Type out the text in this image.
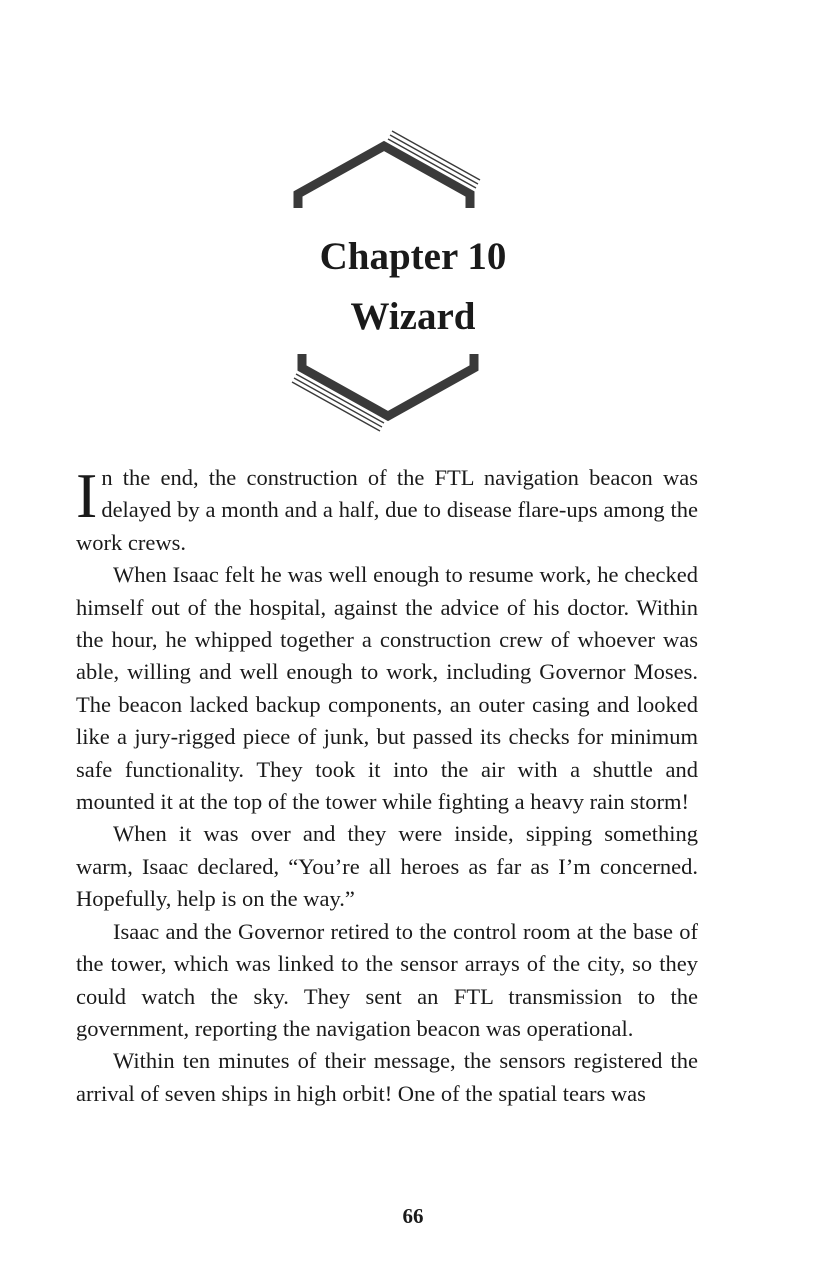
Chapter 10
Wizard

In the end, the construction of the FTL navigation beacon was delayed by a month and a half, due to disease flare-ups among the work crews.

When Isaac felt he was well enough to resume work, he checked himself out of the hospital, against the advice of his doctor. Within the hour, he whipped together a construction crew of whoever was able, willing and well enough to work, including Governor Moses. The beacon lacked backup components, an outer casing and looked like a jury-rigged piece of junk, but passed its checks for minimum safe functionality. They took it into the air with a shuttle and mounted it at the top of the tower while fighting a heavy rain storm!

When it was over and they were inside, sipping something warm, Isaac declared, “You’re all heroes as far as I’m concerned. Hopefully, help is on the way.”

Isaac and the Governor retired to the control room at the base of the tower, which was linked to the sensor arrays of the city, so they could watch the sky. They sent an FTL transmission to the government, reporting the navigation beacon was operational.

Within ten minutes of their message, the sensors registered the arrival of seven ships in high orbit! One of the spatial tears was

66
